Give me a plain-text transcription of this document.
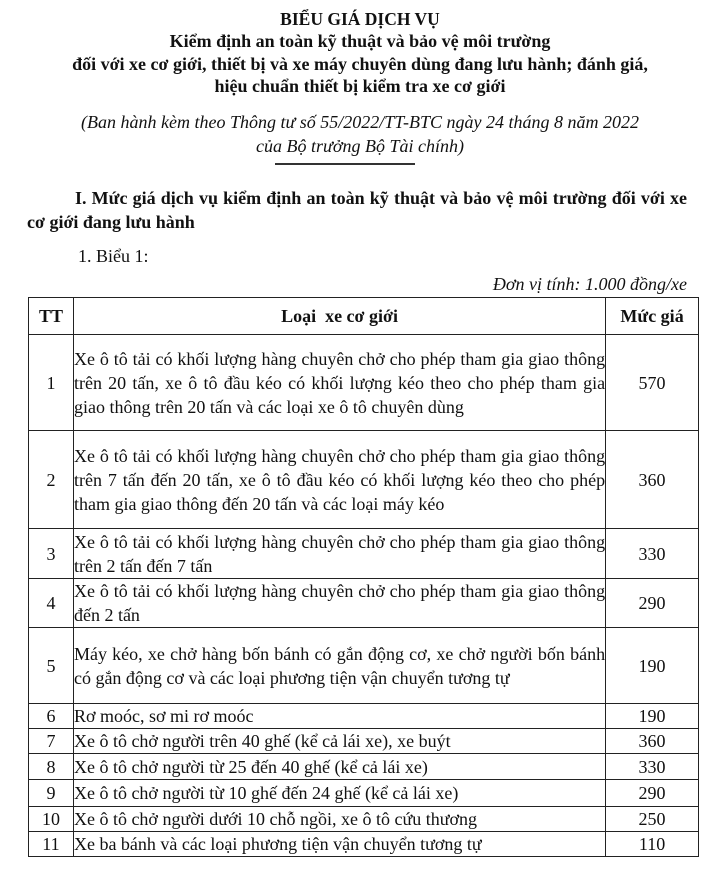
BIỂU GIÁ DỊCH VỤ
Kiểm định an toàn kỹ thuật và bảo vệ môi trường
đối với xe cơ giới, thiết bị và xe máy chuyên dùng đang lưu hành; đánh giá,
hiệu chuẩn thiết bị kiểm tra xe cơ giới
(Ban hành kèm theo Thông tư số 55/2022/TT-BTC ngày 24 tháng 8 năm 2022
của Bộ trưởng Bộ Tài chính)
I. Mức giá dịch vụ kiểm định an toàn kỹ thuật và bảo vệ môi trường đối với xe cơ giới đang lưu hành
1. Biểu 1:
Đơn vị tính: 1.000 đồng/xe
TT	Loại  xe cơ giới	Mức giá
1	Xe ô tô tải có khối lượng hàng chuyên chở cho phép tham gia giao thông trên 20 tấn, xe ô tô đầu kéo có khối lượng kéo theo cho phép tham gia giao thông trên 20 tấn và các loại xe ô tô chuyên dùng	570
2	Xe ô tô tải có khối lượng hàng chuyên chở cho phép tham gia giao thông trên 7 tấn đến 20 tấn, xe ô tô đầu kéo có khối lượng kéo theo cho phép tham gia giao thông đến 20 tấn và các loại máy kéo	360
3	Xe ô tô tải có khối lượng hàng chuyên chở cho phép tham gia giao thông trên 2 tấn đến 7 tấn	330
4	Xe ô tô tải có khối lượng hàng chuyên chở cho phép tham gia giao thông đến 2 tấn	290
5	Máy kéo, xe chở hàng bốn bánh có gắn động cơ, xe chở người bốn bánh có gắn động cơ và các loại phương tiện vận chuyển tương tự	190
6	Rơ moóc, sơ mi rơ moóc	190
7	Xe ô tô chở người trên 40 ghế (kể cả lái xe), xe buýt	360
8	Xe ô tô chở người từ 25 đến 40 ghế (kể cả lái xe)	330
9	Xe ô tô chở người từ 10 ghế đến 24 ghế (kể cả lái xe)	290
10	Xe ô tô chở người dưới 10 chỗ ngồi, xe ô tô cứu thương	250
11	Xe ba bánh và các loại phương tiện vận chuyển tương tự	110
